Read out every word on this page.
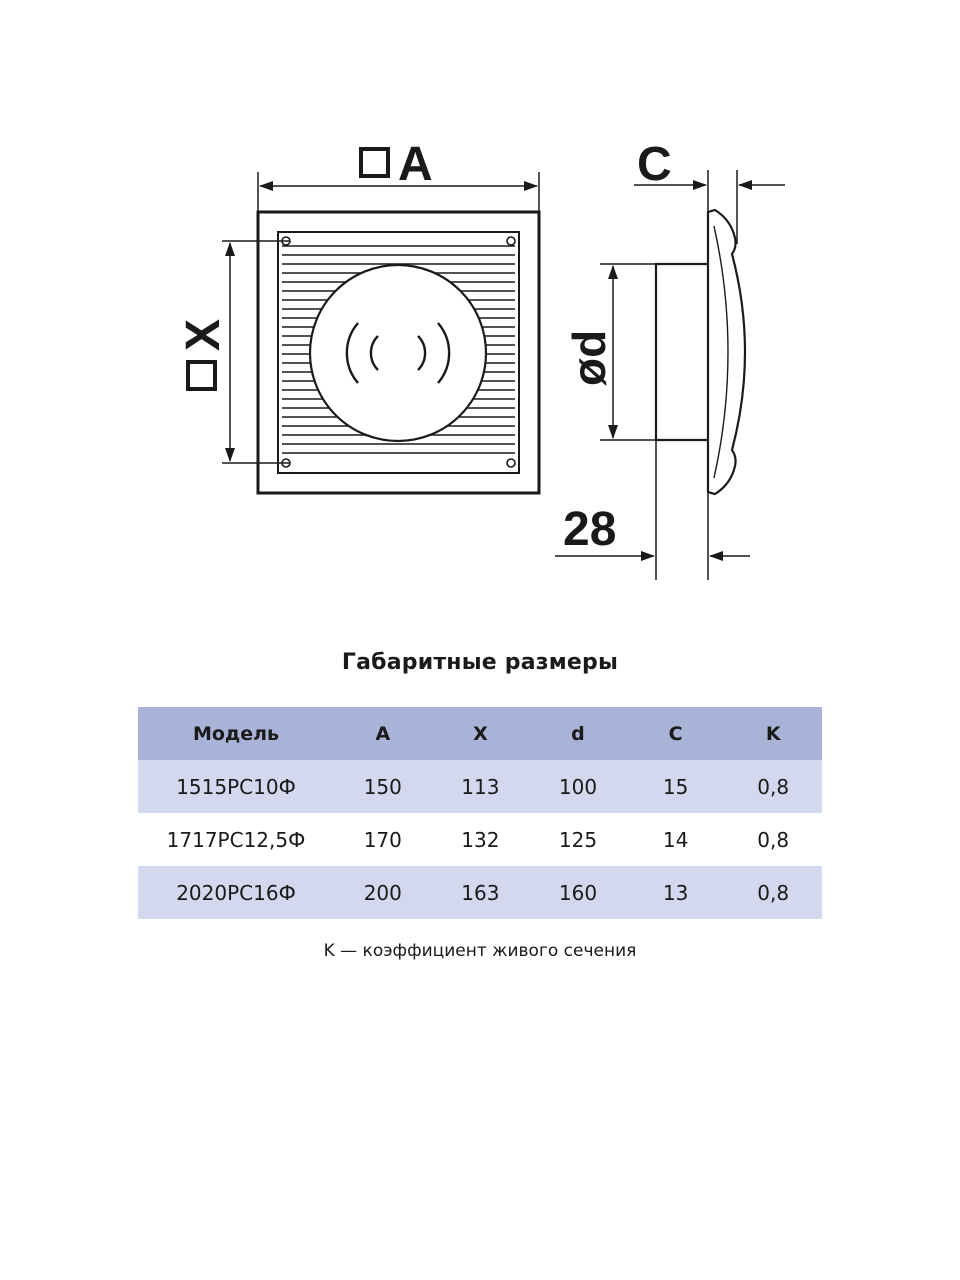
A
X
C
ød
28
Габаритные размеры
Модель	A	X	d	C	K
1515РС10Ф	150	113	100	15	0,8
1717РС12,5Ф	170	132	125	14	0,8
2020РС16Ф	200	163	160	13	0,8
K — коэффициент живого сечения
